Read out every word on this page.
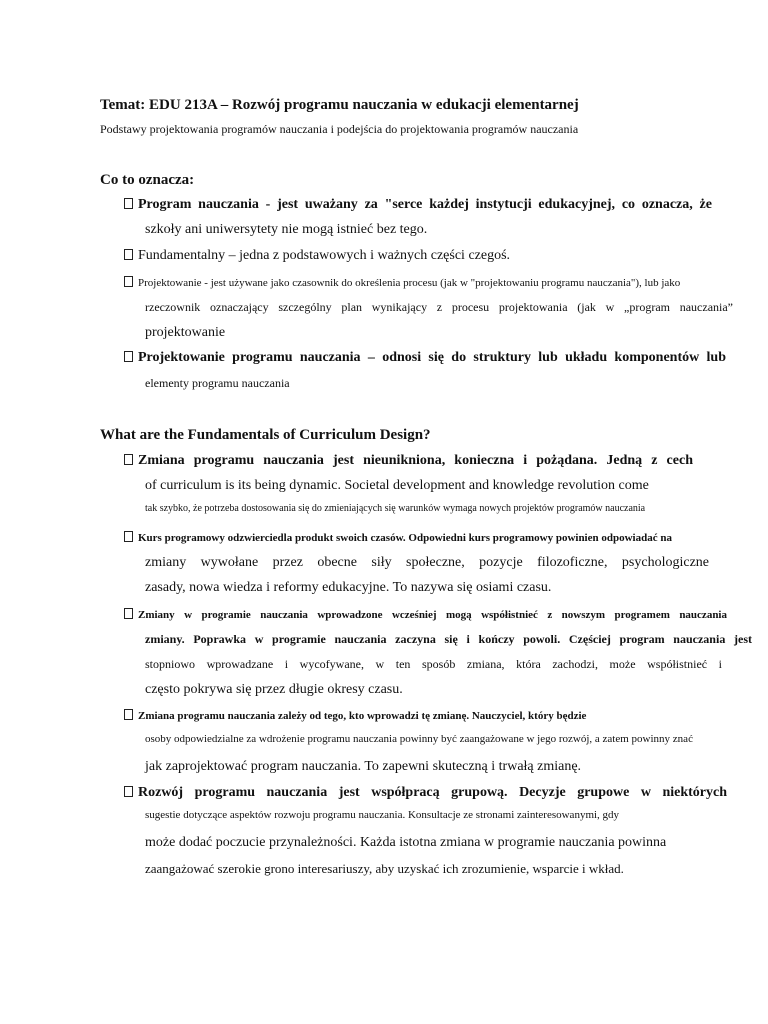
Temat: EDU 213A – Rozwój programu nauczania w edukacji elementarnej
Podstawy projektowania programów nauczania i podejścia do projektowania programów nauczania
Co to oznacza:
Program nauczania - jest uważany za "serce każdej instytucji edukacyjnej, co oznacza, że
szkoły ani uniwersytety nie mogą istnieć bez tego.
Fundamentalny – jedna z podstawowych i ważnych części czegoś.
Projektowanie - jest używane jako czasownik do określenia procesu (jak w "projektowaniu programu nauczania"), lub jako
rzeczownik oznaczający szczególny plan wynikający z procesu projektowania (jak w „program nauczania”
projektowanie
Projektowanie programu nauczania – odnosi się do struktury lub układu komponentów lub
elementy programu nauczania
What are the Fundamentals of Curriculum Design?
Zmiana programu nauczania jest nieunikniona, konieczna i pożądana. Jedną z cech
of curriculum is its being dynamic. Societal development and knowledge revolution come
tak szybko, że potrzeba dostosowania się do zmieniających się warunków wymaga nowych projektów programów nauczania
Kurs programowy odzwierciedla produkt swoich czasów. Odpowiedni kurs programowy powinien odpowiadać na
zmiany wywołane przez obecne siły społeczne, pozycje filozoficzne, psychologiczne
zasady, nowa wiedza i reformy edukacyjne. To nazywa się osiami czasu.
Zmiany w programie nauczania wprowadzone wcześniej mogą współistnieć z nowszym programem nauczania
zmiany. Poprawka w programie nauczania zaczyna się i kończy powoli. Częściej program nauczania jest
stopniowo wprowadzane i wycofywane, w ten sposób zmiana, która zachodzi, może współistnieć i
często pokrywa się przez długie okresy czasu.
Zmiana programu nauczania zależy od tego, kto wprowadzi tę zmianę. Nauczyciel, który będzie
osoby odpowiedzialne za wdrożenie programu nauczania powinny być zaangażowane w jego rozwój, a zatem powinny znać
jak zaprojektować program nauczania. To zapewni skuteczną i trwałą zmianę.
Rozwój programu nauczania jest współpracą grupową. Decyzje grupowe w niektórych
sugestie dotyczące aspektów rozwoju programu nauczania. Konsultacje ze stronami zainteresowanymi, gdy
może dodać poczucie przynależności. Każda istotna zmiana w programie nauczania powinna
zaangażować szerokie grono interesariuszy, aby uzyskać ich zrozumienie, wsparcie i wkład.
